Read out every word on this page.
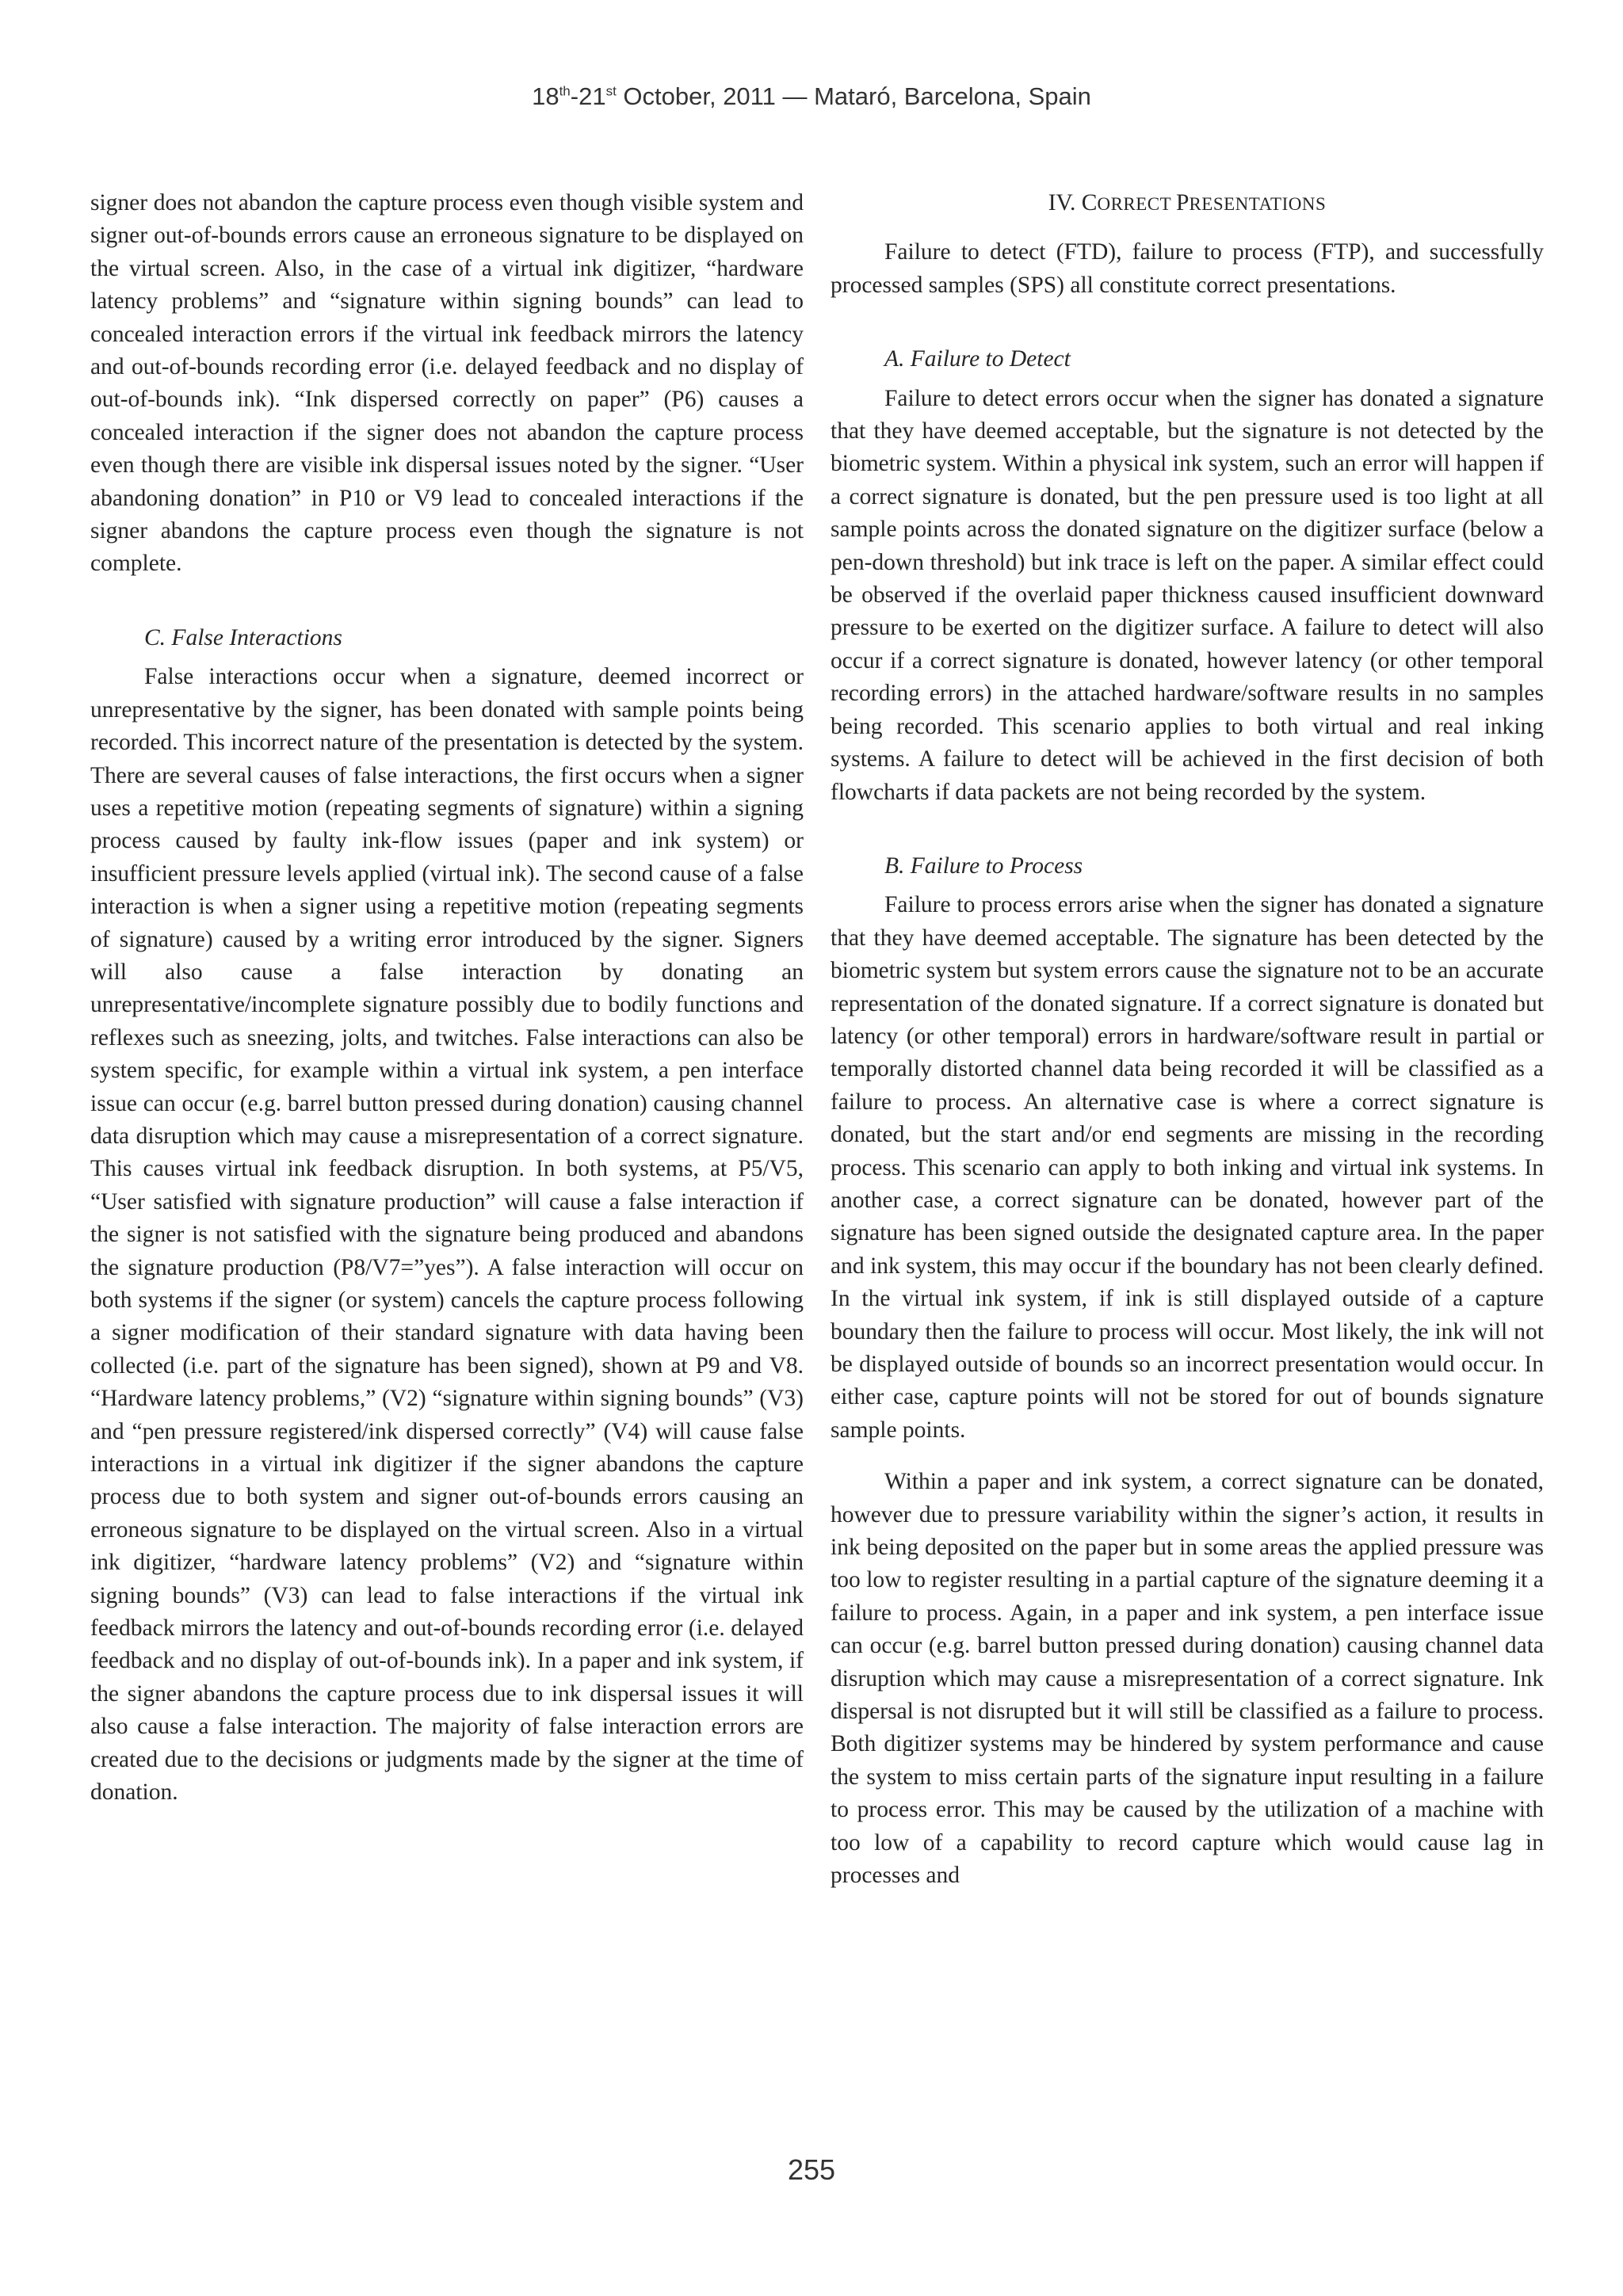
18th-21st October, 2011 — Mataró, Barcelona, Spain

signer does not abandon the capture process even though visible system and signer out-of-bounds errors cause an erroneous signature to be displayed on the virtual screen. Also, in the case of a virtual ink digitizer, “hardware latency problems” and “signature within signing bounds” can lead to concealed interaction errors if the virtual ink feedback mirrors the latency and out-of-bounds recording error (i.e. delayed feedback and no display of out-of-bounds ink). “Ink dispersed correctly on paper” (P6) causes a concealed interaction if the signer does not abandon the capture process even though there are visible ink dispersal issues noted by the signer. “User abandoning donation” in P10 or V9 lead to concealed interactions if the signer abandons the capture process even though the signature is not complete.

C. False Interactions

False interactions occur when a signature, deemed incorrect or unrepresentative by the signer, has been donated with sample points being recorded. This incorrect nature of the presentation is detected by the system. There are several causes of false interactions, the first occurs when a signer uses a repetitive motion (repeating segments of signature) within a signing process caused by faulty ink-flow issues (paper and ink system) or insufficient pressure levels applied (virtual ink). The second cause of a false interaction is when a signer using a repetitive motion (repeating segments of signature) caused by a writing error introduced by the signer. Signers will also cause a false interaction by donating an unrepresentative/incomplete signature possibly due to bodily functions and reflexes such as sneezing, jolts, and twitches. False interactions can also be system specific, for example within a virtual ink system, a pen interface issue can occur (e.g. barrel button pressed during donation) causing channel data disruption which may cause a misrepresentation of a correct signature. This causes virtual ink feedback disruption. In both systems, at P5/V5, “User satisfied with signature production” will cause a false interaction if the signer is not satisfied with the signature being produced and abandons the signature production (P8/V7=”yes”). A false interaction will occur on both systems if the signer (or system) cancels the capture process following a signer modification of their standard signature with data having been collected (i.e. part of the signature has been signed), shown at P9 and V8. “Hardware latency problems,” (V2) “signature within signing bounds” (V3) and “pen pressure registered/ink dispersed correctly” (V4) will cause false interactions in a virtual ink digitizer if the signer abandons the capture process due to both system and signer out-of-bounds errors causing an erroneous signature to be displayed on the virtual screen. Also in a virtual ink digitizer, “hardware latency problems” (V2) and “signature within signing bounds” (V3) can lead to false interactions if the virtual ink feedback mirrors the latency and out-of-bounds recording error (i.e. delayed feedback and no display of out-of-bounds ink). In a paper and ink system, if the signer abandons the capture process due to ink dispersal issues it will also cause a false interaction. The majority of false interaction errors are created due to the decisions or judgments made by the signer at the time of donation.

IV. CORRECT PRESENTATIONS

Failure to detect (FTD), failure to process (FTP), and successfully processed samples (SPS) all constitute correct presentations.

A. Failure to Detect

Failure to detect errors occur when the signer has donated a signature that they have deemed acceptable, but the signature is not detected by the biometric system. Within a physical ink system, such an error will happen if a correct signature is donated, but the pen pressure used is too light at all sample points across the donated signature on the digitizer surface (below a pen-down threshold) but ink trace is left on the paper. A similar effect could be observed if the overlaid paper thickness caused insufficient downward pressure to be exerted on the digitizer surface. A failure to detect will also occur if a correct signature is donated, however latency (or other temporal recording errors) in the attached hardware/software results in no samples being recorded. This scenario applies to both virtual and real inking systems. A failure to detect will be achieved in the first decision of both flowcharts if data packets are not being recorded by the system.

B. Failure to Process

Failure to process errors arise when the signer has donated a signature that they have deemed acceptable. The signature has been detected by the biometric system but system errors cause the signature not to be an accurate representation of the donated signature. If a correct signature is donated but latency (or other temporal) errors in hardware/software result in partial or temporally distorted channel data being recorded it will be classified as a failure to process. An alternative case is where a correct signature is donated, but the start and/or end segments are missing in the recording process. This scenario can apply to both inking and virtual ink systems. In another case, a correct signature can be donated, however part of the signature has been signed outside the designated capture area. In the paper and ink system, this may occur if the boundary has not been clearly defined. In the virtual ink system, if ink is still displayed outside of a capture boundary then the failure to process will occur. Most likely, the ink will not be displayed outside of bounds so an incorrect presentation would occur. In either case, capture points will not be stored for out of bounds signature sample points.

Within a paper and ink system, a correct signature can be donated, however due to pressure variability within the signer’s action, it results in ink being deposited on the paper but in some areas the applied pressure was too low to register resulting in a partial capture of the signature deeming it a failure to process. Again, in a paper and ink system, a pen interface issue can occur (e.g. barrel button pressed during donation) causing channel data disruption which may cause a misrepresentation of a correct signature. Ink dispersal is not disrupted but it will still be classified as a failure to process. Both digitizer systems may be hindered by system performance and cause the system to miss certain parts of the signature input resulting in a failure to process error. This may be caused by the utilization of a machine with too low of a capability to record capture which would cause lag in processes and

255
